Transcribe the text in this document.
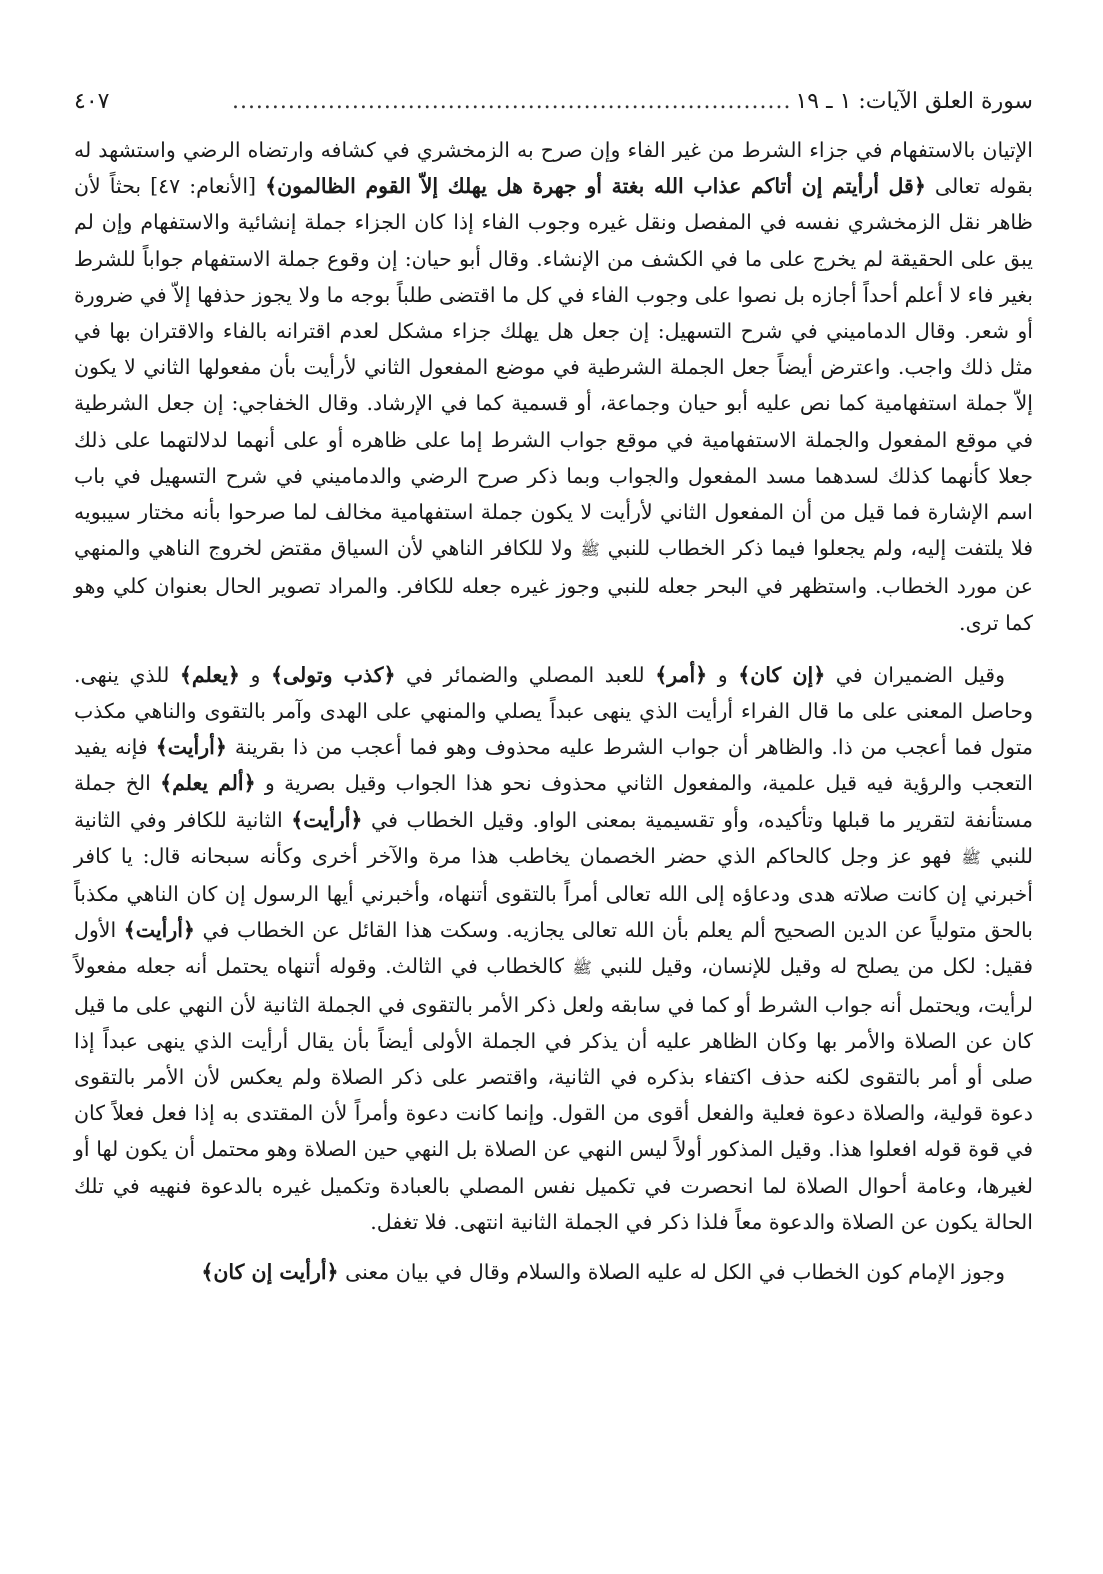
سورة العلق الآيات: ١ ـ ١٩
......................................................................
٤٠٧

الإتيان بالاستفهام في جزاء الشرط من غير الفاء وإن صرح به الزمخشري في كشافه وارتضاه الرضي واستشهد له بقوله تعالى ﴿قل أرأيتم إن أتاكم عذاب الله بغتة أو جهرة هل يهلك إلاّ القوم الظالمون﴾ [الأنعام: ٤٧] بحثاً لأن ظاهر نقل الزمخشري نفسه في المفصل ونقل غيره وجوب الفاء إذا كان الجزاء جملة إنشائية والاستفهام وإن لم يبق على الحقيقة لم يخرج على ما في الكشف من الإنشاء. وقال أبو حيان: إن وقوع جملة الاستفهام جواباً للشرط بغير فاء لا أعلم أحداً أجازه بل نصوا على وجوب الفاء في كل ما اقتضى طلباً بوجه ما ولا يجوز حذفها إلاّ في ضرورة أو شعر. وقال الدماميني في شرح التسهيل: إن جعل هل يهلك جزاء مشكل لعدم اقترانه بالفاء والاقتران بها في مثل ذلك واجب. واعترض أيضاً جعل الجملة الشرطية في موضع المفعول الثاني لأرأيت بأن مفعولها الثاني لا يكون إلاّ جملة استفهامية كما نص عليه أبو حيان وجماعة، أو قسمية كما في الإرشاد. وقال الخفاجي: إن جعل الشرطية في موقع المفعول والجملة الاستفهامية في موقع جواب الشرط إما على ظاهره أو على أنهما لدلالتهما على ذلك جعلا كأنهما كذلك لسدهما مسد المفعول والجواب وبما ذكر صرح الرضي والدماميني في شرح التسهيل في باب اسم الإشارة فما قيل من أن المفعول الثاني لأرأيت لا يكون جملة استفهامية مخالف لما صرحوا بأنه مختار سيبويه فلا يلتفت إليه، ولم يجعلوا فيما ذكر الخطاب للنبي ﷺ ولا للكافر الناهي لأن السياق مقتض لخروج الناهي والمنهي عن مورد الخطاب. واستظهر في البحر جعله للنبي وجوز غيره جعله للكافر. والمراد تصوير الحال بعنوان كلي وهو كما ترى.

وقيل الضميران في ﴿إن كان﴾ و ﴿أمر﴾ للعبد المصلي والضمائر في ﴿كذب وتولى﴾ و ﴿يعلم﴾ للذي ينهى. وحاصل المعنى على ما قال الفراء أرأيت الذي ينهى عبداً يصلي والمنهي على الهدى وآمر بالتقوى والناهي مكذب متول فما أعجب من ذا. والظاهر أن جواب الشرط عليه محذوف وهو فما أعجب من ذا بقرينة ﴿أرأيت﴾ فإنه يفيد التعجب والرؤية فيه قيل علمية، والمفعول الثاني محذوف نحو هذا الجواب وقيل بصرية و ﴿ألم يعلم﴾ الخ جملة مستأنفة لتقرير ما قبلها وتأكيده، وأو تقسيمية بمعنى الواو. وقيل الخطاب في ﴿أرأيت﴾ الثانية للكافر وفي الثانية للنبي ﷺ فهو عز وجل كالحاكم الذي حضر الخصمان يخاطب هذا مرة والآخر أخرى وكأنه سبحانه قال: يا كافر أخبرني إن كانت صلاته هدى ودعاؤه إلى الله تعالى أمراً بالتقوى أتنهاه، وأخبرني أيها الرسول إن كان الناهي مكذباً بالحق متولياً عن الدين الصحيح ألم يعلم بأن الله تعالى يجازيه. وسكت هذا القائل عن الخطاب في ﴿أرأيت﴾ الأول فقيل: لكل من يصلح له وقيل للإنسان، وقيل للنبي ﷺ كالخطاب في الثالث. وقوله أتنهاه يحتمل أنه جعله مفعولاً لرأيت، ويحتمل أنه جواب الشرط أو كما في سابقه ولعل ذكر الأمر بالتقوى في الجملة الثانية لأن النهي على ما قيل كان عن الصلاة والأمر بها وكان الظاهر عليه أن يذكر في الجملة الأولى أيضاً بأن يقال أرأيت الذي ينهى عبداً إذا صلى أو أمر بالتقوى لكنه حذف اكتفاء بذكره في الثانية، واقتصر على ذكر الصلاة ولم يعكس لأن الأمر بالتقوى دعوة قولية، والصلاة دعوة فعلية والفعل أقوى من القول. وإنما كانت دعوة وأمراً لأن المقتدى به إذا فعل فعلاً كان في قوة قوله افعلوا هذا. وقيل المذكور أولاً ليس النهي عن الصلاة بل النهي حين الصلاة وهو محتمل أن يكون لها أو لغيرها، وعامة أحوال الصلاة لما انحصرت في تكميل نفس المصلي بالعبادة وتكميل غيره بالدعوة فنهيه في تلك الحالة يكون عن الصلاة والدعوة معاً فلذا ذكر في الجملة الثانية انتهى. فلا تغفل.

وجوز الإمام كون الخطاب في الكل له عليه الصلاة والسلام وقال في بيان معنى ﴿أرأيت إن كان﴾
